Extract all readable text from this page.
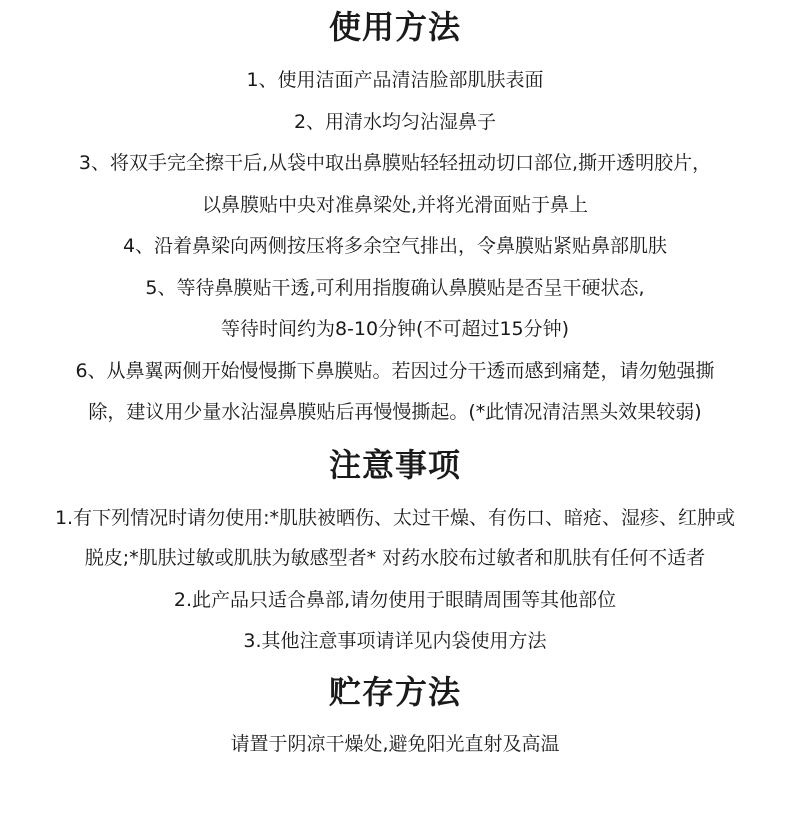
使用方法
1、使用洁面产品清洁脸部肌肤表面
2、用清水均匀沾湿鼻子
3、将双手完全擦干后,从袋中取出鼻膜贴轻轻扭动切口部位,撕开透明胶片，
以鼻膜贴中央对准鼻梁处,并将光滑面贴于鼻上
4、沿着鼻梁向两侧按压将多余空气排出，令鼻膜贴紧贴鼻部肌肤
5、等待鼻膜贴干透,可利用指腹确认鼻膜贴是否呈干硬状态,
等待时间约为8-10分钟(不可超过15分钟)
6、从鼻翼两侧开始慢慢撕下鼻膜贴。若因过分干透而感到痛楚，请勿勉强撕
除，建议用少量水沾湿鼻膜贴后再慢慢撕起。(*此情况清洁黑头效果较弱)
注意事项
1.有下列情况时请勿使用:*肌肤被晒伤、太过干燥、有伤口、暗疮、湿疹、红肿或
脱皮;*肌肤过敏或肌肤为敏感型者* 对药水胶布过敏者和肌肤有任何不适者
2.此产品只适合鼻部,请勿使用于眼睛周围等其他部位
3.其他注意事项请详见内袋使用方法
贮存方法
请置于阴凉干燥处,避免阳光直射及高温
